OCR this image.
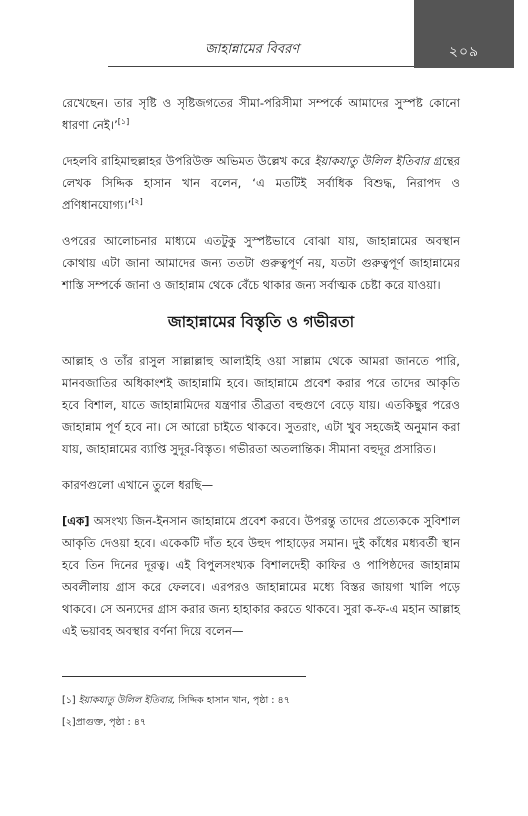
জাহান্নামের বিবরণ	২০৯

রেখেছেন। তার সৃষ্টি ও সৃষ্টিজগতের সীমা-পরিসীমা সম্পর্কে আমাদের সুস্পষ্ট কোনো ধারণা নেই।’[১]

দেহলবি রাহিমাহুল্লাহর উপরিউক্ত অভিমত উল্লেখ করে ইয়াকযাতু উলিল ইতিবার গ্রন্থের লেখক সিদ্দিক হাসান খান বলেন, ‘এ মতটিই সর্বাধিক বিশুদ্ধ, নিরাপদ ও প্রণিধানযোগ্য।’[২]

ওপরের আলোচনার মাধ্যমে এতটুকু সুস্পষ্টভাবে বোঝা যায়, জাহান্নামের অবস্থান কোথায় এটা জানা আমাদের জন্য ততটা গুরুত্বপূর্ণ নয়, যতটা গুরুত্বপূর্ণ জাহান্নামের শাস্তি সম্পর্কে জানা ও জাহান্নাম থেকে বেঁচে থাকার জন্য সর্বাত্মক চেষ্টা করে যাওয়া।

জাহান্নামের বিস্তৃতি ও গভীরতা

আল্লাহ ও তাঁর রাসুল সাল্লাল্লাহু আলাইহি ওয়া সাল্লাম থেকে আমরা জানতে পারি, মানবজাতির অধিকাংশই জাহান্নামি হবে। জাহান্নামে প্রবেশ করার পরে তাদের আকৃতি হবে বিশাল, যাতে জাহান্নামিদের যন্ত্রণার তীব্রতা বহুগুণে বেড়ে যায়। এতকিছুর পরেও জাহান্নাম পূর্ণ হবে না। সে আরো চাইতে থাকবে। সুতরাং, এটা খুব সহজেই অনুমান করা যায়, জাহান্নামের ব্যাপ্তি সুদূর-বিস্তৃত। গভীরতা অতলান্তিক। সীমানা বহুদূর প্রসারিত।

কারণগুলো এখানে তুলে ধরছি—

[এক] অসংখ্য জিন-ইনসান জাহান্নামে প্রবেশ করবে। উপরন্তু তাদের প্রত্যেককে সুবিশাল আকৃতি দেওয়া হবে। একেকটি দাঁত হবে উহুদ পাহাড়ের সমান। দুই কাঁধের মধ্যবর্তী স্থান হবে তিন দিনের দূরত্ব। এই বিপুলসংখ্যক বিশালদেহী কাফির ও পাপিষ্ঠদের জাহান্নাম অবলীলায় গ্রাস করে ফেলবে। এরপরও জাহান্নামের মধ্যে বিস্তর জায়গা খালি পড়ে থাকবে। সে অন্যদের গ্রাস করার জন্য হাহাকার করতে থাকবে। সুরা ক-ফ-এ মহান আল্লাহ এই ভয়াবহ অবস্থার বর্ণনা দিয়ে বলেন—

[১] ইয়াকযাতু উলিল ইতিবার, সিদ্দিক হাসান খান, পৃষ্ঠা : ৪৭
[২]প্রাগুক্ত, পৃষ্ঠা : ৪৭
